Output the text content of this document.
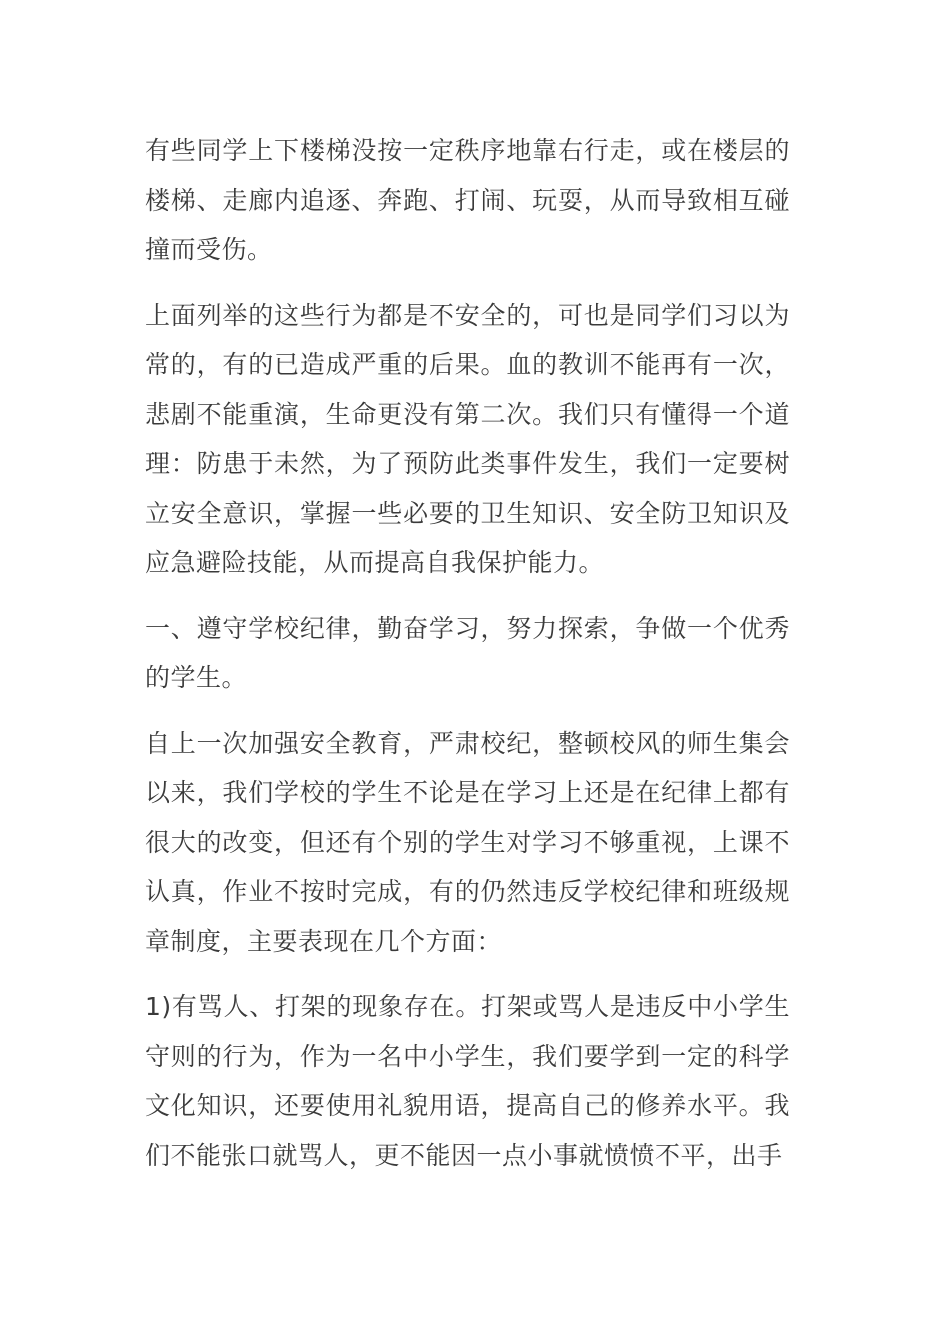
有些同学上下楼梯没按一定秩序地靠右行走，或在楼层的楼梯、走廊内追逐、奔跑、打闹、玩耍，从而导致相互碰撞而受伤。

上面列举的这些行为都是不安全的，可也是同学们习以为常的，有的已造成严重的后果。血的教训不能再有一次，悲剧不能重演，生命更没有第二次。我们只有懂得一个道理：防患于未然，为了预防此类事件发生，我们一定要树立安全意识，掌握一些必要的卫生知识、安全防卫知识及应急避险技能，从而提高自我保护能力。

一、遵守学校纪律，勤奋学习，努力探索，争做一个优秀的学生。

自上一次加强安全教育，严肃校纪，整顿校风的师生集会以来，我们学校的学生不论是在学习上还是在纪律上都有很大的改变，但还有个别的学生对学习不够重视，上课不认真，作业不按时完成，有的仍然违反学校纪律和班级规章制度，主要表现在几个方面：

1)有骂人、打架的现象存在。打架或骂人是违反中小学生守则的行为，作为一名中小学生，我们要学到一定的科学文化知识，还要使用礼貌用语，提高自己的修养水平。我们不能张口就骂人，更不能因一点小事就愤愤不平，出手
